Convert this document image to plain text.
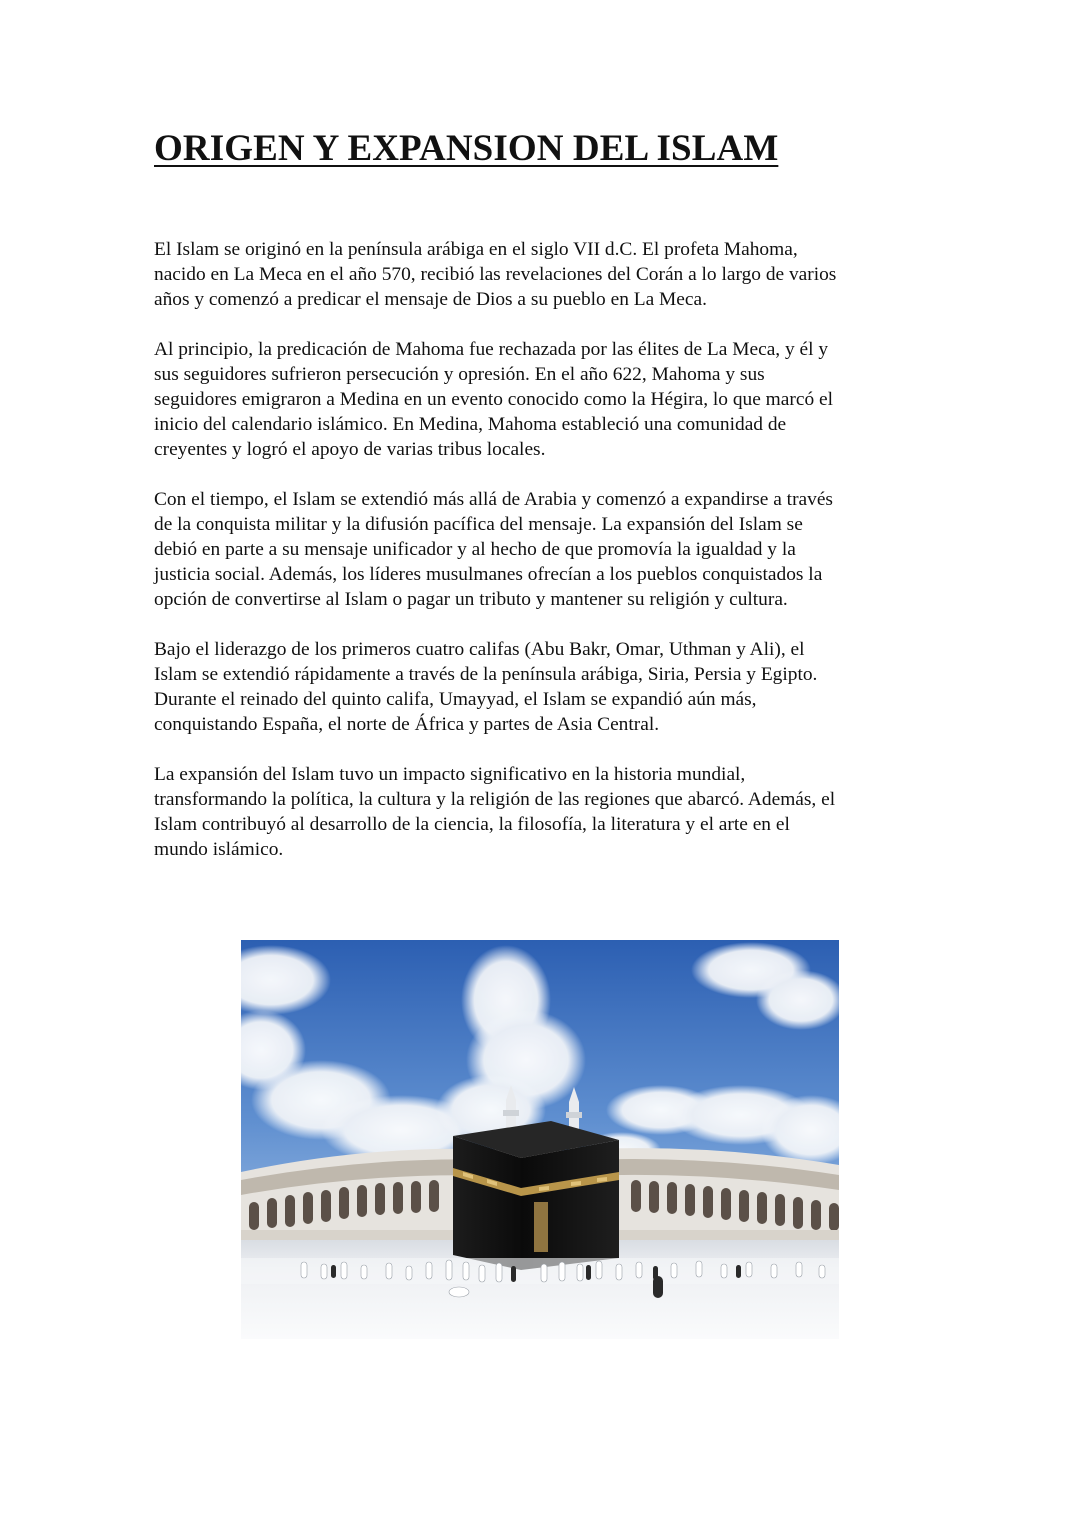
ORIGEN Y EXPANSION DEL ISLAM

El Islam se originó en la península arábiga en el siglo VII d.C. El profeta Mahoma,
nacido en La Meca en el año 570, recibió las revelaciones del Corán a lo largo de varios
años y comenzó a predicar el mensaje de Dios a su pueblo en La Meca.

Al principio, la predicación de Mahoma fue rechazada por las élites de La Meca, y él y
sus seguidores sufrieron persecución y opresión. En el año 622, Mahoma y sus
seguidores emigraron a Medina en un evento conocido como la Hégira, lo que marcó el
inicio del calendario islámico. En Medina, Mahoma estableció una comunidad de
creyentes y logró el apoyo de varias tribus locales.

Con el tiempo, el Islam se extendió más allá de Arabia y comenzó a expandirse a través
de la conquista militar y la difusión pacífica del mensaje. La expansión del Islam se
debió en parte a su mensaje unificador y al hecho de que promovía la igualdad y la
justicia social. Además, los líderes musulmanes ofrecían a los pueblos conquistados la
opción de convertirse al Islam o pagar un tributo y mantener su religión y cultura.

Bajo el liderazgo de los primeros cuatro califas (Abu Bakr, Omar, Uthman y Ali), el
Islam se extendió rápidamente a través de la península arábiga, Siria, Persia y Egipto.
Durante el reinado del quinto califa, Umayyad, el Islam se expandió aún más,
conquistando España, el norte de África y partes de Asia Central.

La expansión del Islam tuvo un impacto significativo en la historia mundial,
transformando la política, la cultura y la religión de las regiones que abarcó. Además, el
Islam contribuyó al desarrollo de la ciencia, la filosofía, la literatura y el arte en el
mundo islámico.
